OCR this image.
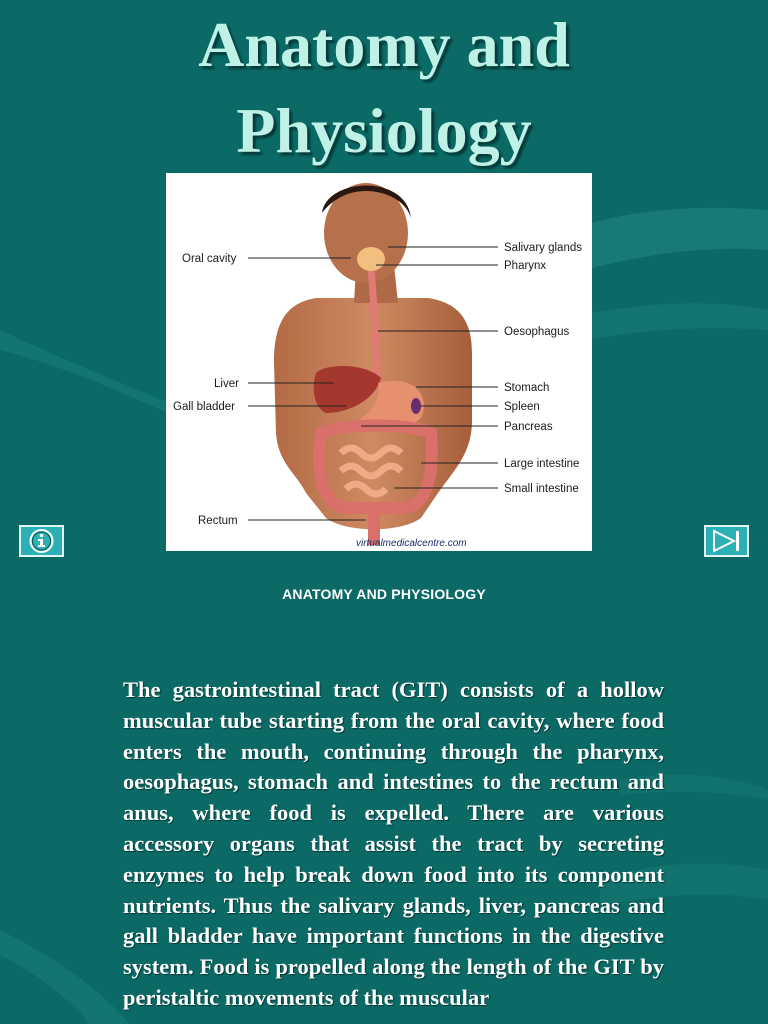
Anatomy and
Physiology
Oral cavity
Salivary glands
Pharynx
Oesophagus
Liver
Gall bladder
Stomach
Spleen
Pancreas
Large intestine
Small intestine
Rectum
virtualmedicalcentre.com
ANATOMY AND PHYSIOLOGY

The gastrointestinal tract (GIT) consists of a hollow muscular tube starting from the oral cavity, where food enters the mouth, continuing through the pharynx, oesophagus, stomach and intestines to the rectum and anus, where food is expelled. There are various accessory organs that assist the tract by secreting enzymes to help break down food into its component nutrients. Thus the salivary glands, liver, pancreas and gall bladder have important functions in the digestive system. Food is propelled along the length of the GIT by peristaltic movements of the muscular
